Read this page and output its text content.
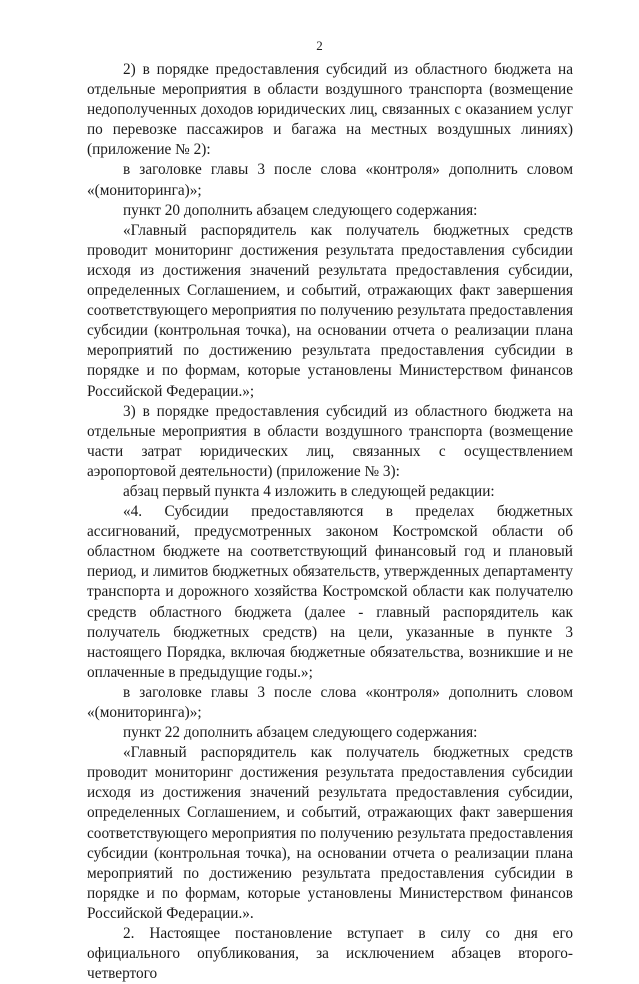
2

2) в порядке предоставления субсидий из областного бюджета на отдельные мероприятия в области воздушного транспорта (возмещение недополученных доходов юридических лиц, связанных с оказанием услуг по перевозке пассажиров и багажа на местных воздушных линиях) (приложение № 2):

в заголовке главы 3 после слова «контроля» дополнить словом «(мониторинга)»;

пункт 20 дополнить абзацем следующего содержания:

«Главный распорядитель как получатель бюджетных средств проводит мониторинг достижения результата предоставления субсидии исходя из достижения значений результата предоставления субсидии, определенных Соглашением, и событий, отражающих факт завершения соответствующего мероприятия по получению результата предоставления субсидии (контрольная точка), на основании отчета о реализации плана мероприятий по достижению результата предоставления субсидии в порядке и по формам, которые установлены Министерством финансов Российской Федерации.»;

3) в порядке предоставления субсидий из областного бюджета на отдельные мероприятия в области воздушного транспорта (возмещение части затрат юридических лиц, связанных с осуществлением аэропортовой деятельности) (приложение № 3):

абзац первый пункта 4 изложить в следующей редакции:

«4. Субсидии предоставляются в пределах бюджетных ассигнований, предусмотренных законом Костромской области об областном бюджете на соответствующий финансовый год и плановый период, и лимитов бюджетных обязательств, утвержденных департаменту транспорта и дорожного хозяйства Костромской области как получателю средств областного бюджета (далее - главный распорядитель как получатель бюджетных средств) на цели, указанные в пункте 3 настоящего Порядка, включая бюджетные обязательства, возникшие и не оплаченные в предыдущие годы.»;

в заголовке главы 3 после слова «контроля» дополнить словом «(мониторинга)»;

пункт 22 дополнить абзацем следующего содержания:

«Главный распорядитель как получатель бюджетных средств проводит мониторинг достижения результата предоставления субсидии исходя из достижения значений результата предоставления субсидии, определенных Соглашением, и событий, отражающих факт завершения соответствующего мероприятия по получению результата предоставления субсидии (контрольная точка), на основании отчета о реализации плана мероприятий по достижению результата предоставления субсидии в порядке и по формам, которые установлены Министерством финансов Российской Федерации.».

2. Настоящее постановление вступает в силу со дня его официального опубликования, за исключением абзацев второго-четвертого
